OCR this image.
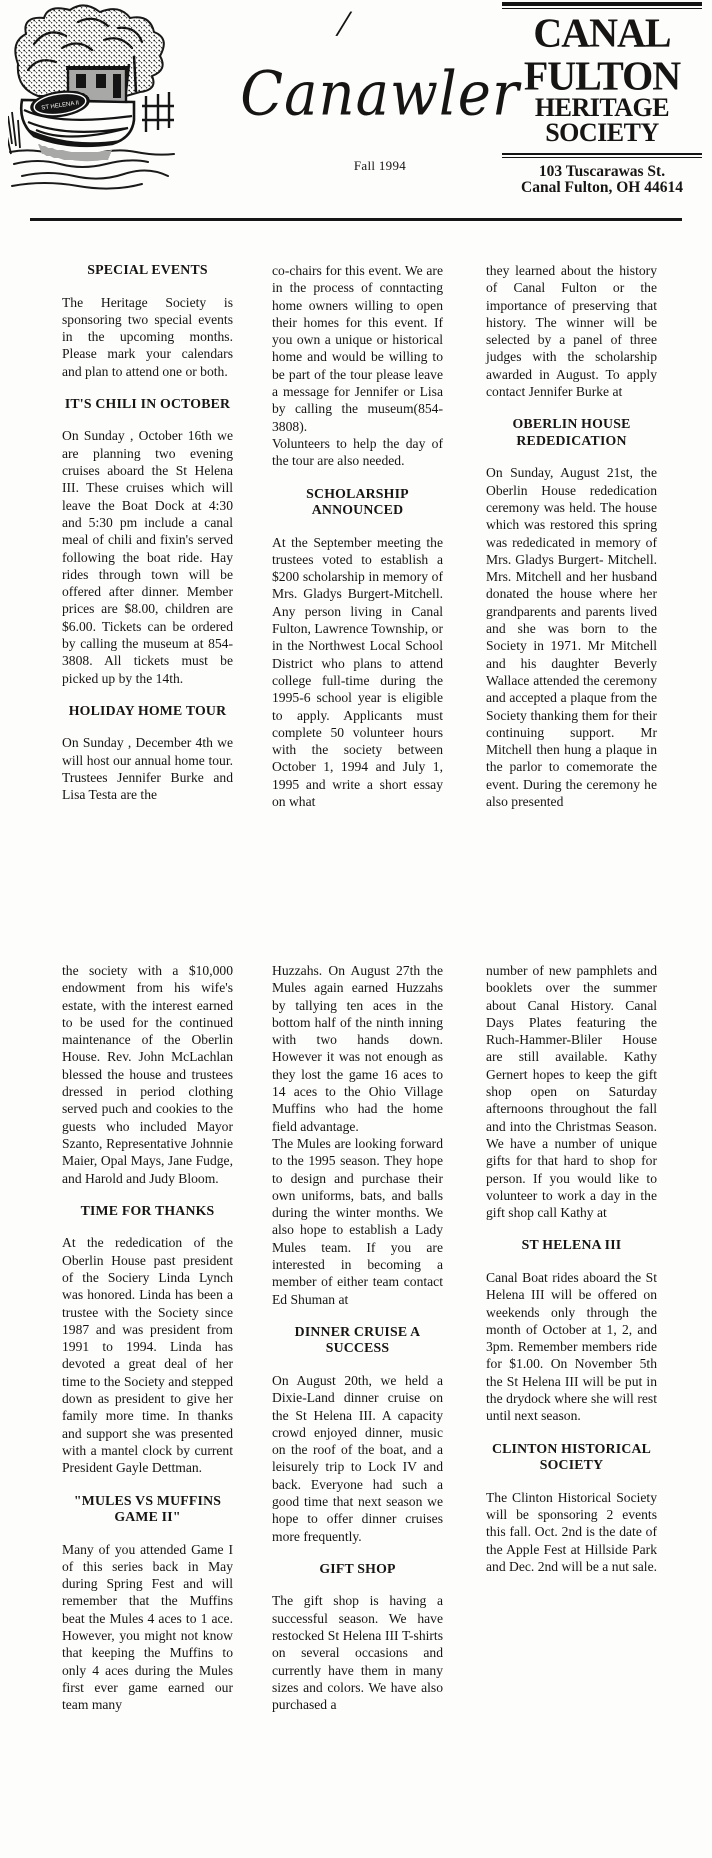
ST HELENA II
/
Canawler
Fall 1994
CANAL
FULTON
HERITAGE
SOCIETY
103 Tuscarawas St.
Canal Fulton, OH 44614
SPECIAL EVENTS
The Heritage Society is sponsoring two special events in the upcoming months. Please mark your calendars and plan to attend one or both.
IT'S CHILI IN OCTOBER
On Sunday , October 16th we are planning two evening cruises aboard the St Helena III. These cruises which will leave the Boat Dock at 4:30 and 5:30 pm include a canal meal of chili and fixin's served following the boat ride. Hay rides through town will be offered after dinner. Member prices are $8.00, children are $6.00. Tickets can be ordered by calling the museum at 854-3808. All tickets must be picked up by the 14th.
HOLIDAY HOME TOUR
On Sunday , December 4th we will host our annual home tour. Trustees Jennifer Burke and Lisa Testa are the
co-chairs for this event. We are in the process of conntacting home owners willing to open their homes for this event. If you own a unique or historical home and would be willing to be part of the tour please leave a message for Jennifer or Lisa by calling the museum(854-3808).
Volunteers to help the day of the tour are also needed.
SCHOLARSHIP ANNOUNCED
At the September meeting the trustees voted to establish a $200 scholarship in memory of Mrs. Gladys Burgert-Mitchell. Any person living in Canal Fulton, Lawrence Township, or in the Northwest Local School District who plans to attend college full-time during the 1995-6 school year is eligible to apply. Applicants must complete 50 volunteer hours with the society between October 1, 1994 and July 1, 1995 and write a short essay on what
they learned about the history of Canal Fulton or the importance of preserving that history. The winner will be selected by a panel of three judges with the scholarship awarded in August. To apply contact Jennifer Burke at
OBERLIN HOUSE REDEDICATION
On Sunday, August 21st, the Oberlin House rededication ceremony was held. The house which was restored this spring was rededicated in memory of Mrs. Gladys Burgert- Mitchell. Mrs. Mitchell and her husband donated the house where her grandparents and parents lived and she was born to the Society in 1971. Mr Mitchell and his daughter Beverly Wallace attended the ceremony and accepted a plaque from the Society thanking them for their continuing support. Mr Mitchell then hung a plaque in the parlor to comemorate the event. During the ceremony he also presented
the society with a $10,000 endowment from his wife's estate, with the interest earned to be used for the continued maintenance of the Oberlin House. Rev. John McLachlan blessed the house and trustees dressed in period clothing served puch and cookies to the guests who included Mayor Szanto, Representative Johnnie Maier, Opal Mays, Jane Fudge, and Harold and Judy Bloom.
TIME FOR THANKS
At the rededication of the Oberlin House past president of the Sociery Linda Lynch was honored. Linda has been a trustee with the Society since 1987 and was president from 1991 to 1994. Linda has devoted a great deal of her time to the Society and stepped down as president to give her family more time. In thanks and support she was presented with a mantel clock by current President Gayle Dettman.
"MULES VS MUFFINS GAME II"
Many of you attended Game I of this series back in May during Spring Fest and will remember that the Muffins beat the Mules 4 aces to 1 ace. However, you might not know that keeping the Muffins to only 4 aces during the Mules first ever game earned our team many
Huzzahs. On August 27th the Mules again earned Huzzahs by tallying ten aces in the bottom half of the ninth inning with two hands down. However it was not enough as they lost the game 16 aces to 14 aces to the Ohio Village Muffins who had the home field advantage.
The Mules are looking forward to the 1995 season. They hope to design and purchase their own uniforms, bats, and balls during the winter months. We also hope to establish a Lady Mules team. If you are interested in becoming a member of either team contact Ed Shuman at
DINNER CRUISE A SUCCESS
On August 20th, we held a Dixie-Land dinner cruise on the St Helena III. A capacity crowd enjoyed dinner, music on the roof of the boat, and a leisurely trip to Lock IV and back. Everyone had such a good time that next season we hope to offer dinner cruises more frequently.
GIFT SHOP
The gift shop is having a successful season. We have restocked St Helena III T-shirts on several occasions and currently have them in many sizes and colors. We have also purchased a
number of new pamphlets and booklets over the summer about Canal History. Canal Days Plates featuring the Ruch-Hammer-Bliler House are still available. Kathy Gernert hopes to keep the gift shop open on Saturday afternoons throughout the fall and into the Christmas Season. We have a number of unique gifts for that hard to shop for person. If you would like to volunteer to work a day in the gift shop call Kathy at
ST HELENA III
Canal Boat rides aboard the St Helena III will be offered on weekends only through the month of October at 1, 2, and 3pm. Remember members ride for $1.00. On November 5th the St Helena III will be put in the drydock where she will rest until next season.
CLINTON HISTORICAL SOCIETY
The Clinton Historical Society will be sponsoring 2 events this fall. Oct. 2nd is the date of the Apple Fest at Hillside Park and Dec. 2nd will be a nut sale.
